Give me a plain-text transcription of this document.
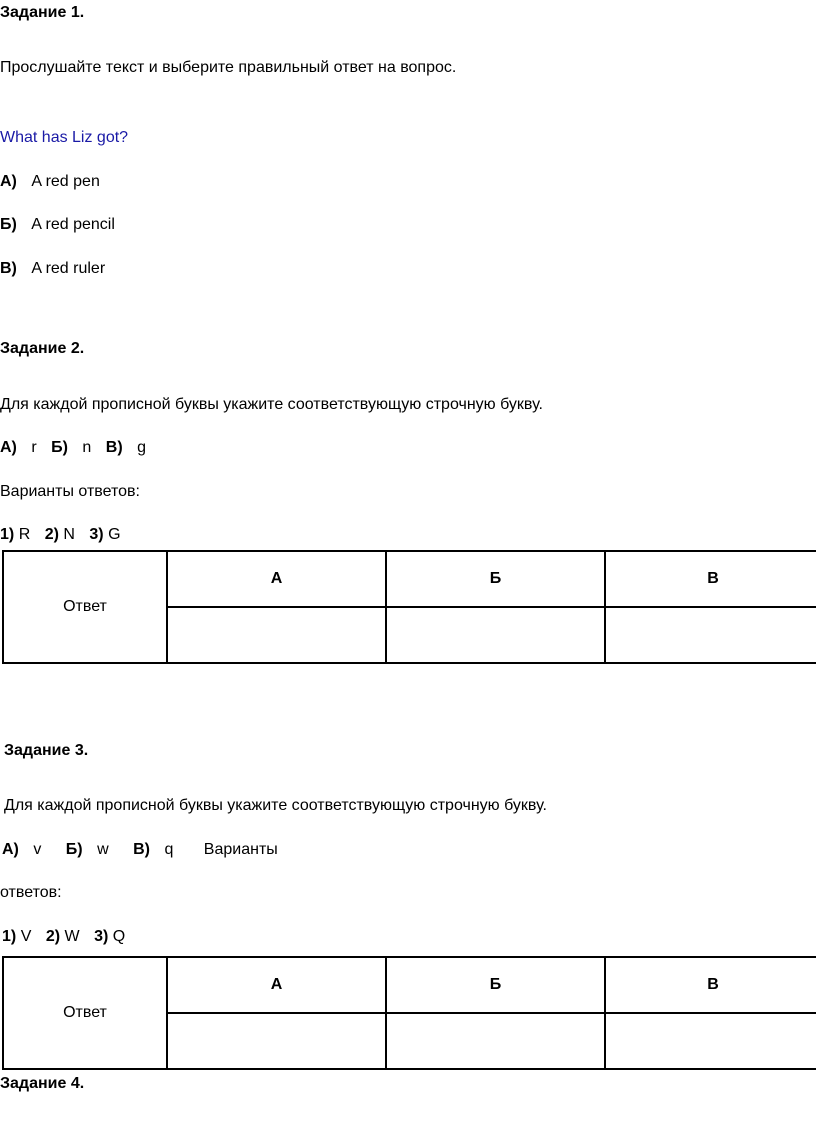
Задание 1.
Прослушайте текст и выберите правильный ответ на вопрос.
What has Liz got?
А) A red pen
Б) A red pencil
В) A red ruler
Задание 2.
Для каждой прописной буквы укажите соответствующую строчную букву.
А) r Б) n В) g
Варианты ответов:
1) R 2) N 3) G
Ответ	А	Б	В

Задание 3.
Для каждой прописной буквы укажите соответствующую строчную букву.
А) v Б) w В) q Варианты
ответов:
1) V 2) W 3) Q
Ответ	А	Б	В

Задание 4.
